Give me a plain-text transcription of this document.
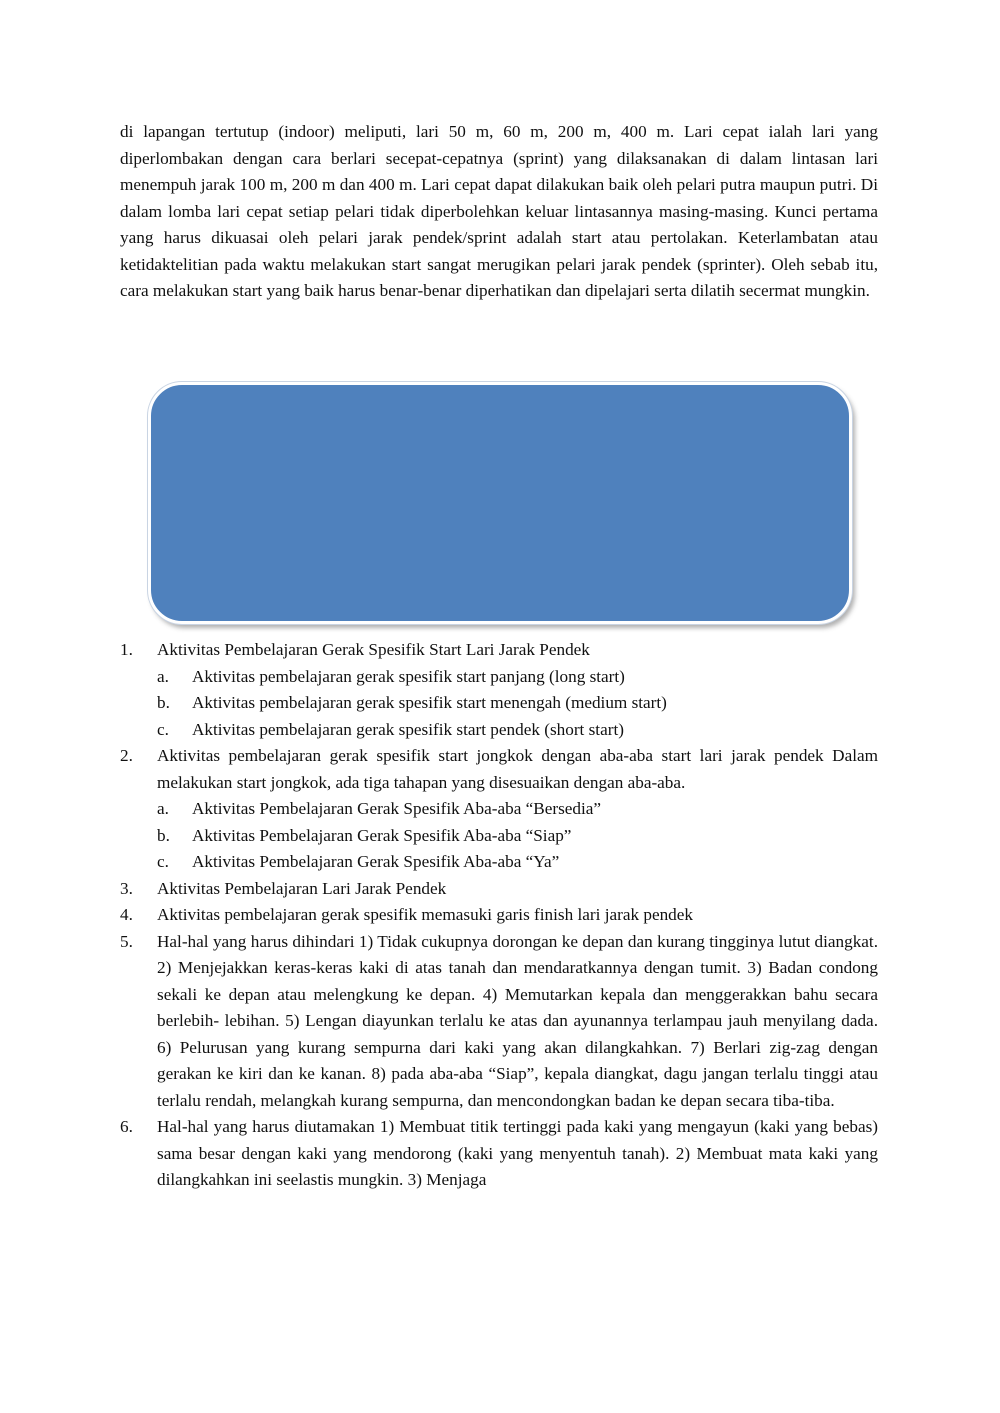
di lapangan tertutup (indoor) meliputi, lari 50 m, 60 m, 200 m, 400 m. Lari cepat ialah lari yang diperlombakan dengan cara berlari secepat-cepatnya (sprint) yang dilaksanakan di dalam lintasan lari menempuh jarak 100 m, 200 m dan 400 m. Lari cepat dapat dilakukan baik oleh pelari putra maupun putri. Di dalam lomba lari cepat setiap pelari tidak diperbolehkan keluar lintasannya masing-masing. Kunci pertama yang harus dikuasai oleh pelari jarak pendek/sprint adalah start atau pertolakan. Keterlambatan atau ketidaktelitian pada waktu melakukan start sangat merugikan pelari jarak pendek (sprinter). Oleh sebab itu, cara melakukan start yang baik harus benar-benar diperhatikan dan dipelajari serta dilatih secermat mungkin.

1. Aktivitas Pembelajaran Gerak Spesifik Start Lari Jarak Pendek
a. Aktivitas pembelajaran gerak spesifik start panjang (long start)
b. Aktivitas pembelajaran gerak spesifik start menengah (medium start)
c. Aktivitas pembelajaran gerak spesifik start pendek (short start)
2. Aktivitas pembelajaran gerak spesifik start jongkok dengan aba-aba start lari jarak pendek Dalam melakukan start jongkok, ada tiga tahapan yang disesuaikan dengan aba-aba.
a. Aktivitas Pembelajaran Gerak Spesifik Aba-aba “Bersedia”
b. Aktivitas Pembelajaran Gerak Spesifik Aba-aba “Siap”
c. Aktivitas Pembelajaran Gerak Spesifik Aba-aba “Ya”
3. Aktivitas Pembelajaran Lari Jarak Pendek
4. Aktivitas pembelajaran gerak spesifik memasuki garis finish lari jarak pendek
5. Hal-hal yang harus dihindari 1) Tidak cukupnya dorongan ke depan dan kurang tingginya lutut diangkat. 2) Menjejakkan keras-keras kaki di atas tanah dan mendaratkannya dengan tumit. 3) Badan condong sekali ke depan atau melengkung ke depan. 4) Memutarkan kepala dan menggerakkan bahu secara berlebih- lebihan. 5) Lengan diayunkan terlalu ke atas dan ayunannya terlampau jauh menyilang dada. 6) Pelurusan yang kurang sempurna dari kaki yang akan dilangkahkan. 7) Berlari zig-zag dengan gerakan ke kiri dan ke kanan. 8) pada aba-aba “Siap”, kepala diangkat, dagu jangan terlalu tinggi atau terlalu rendah, melangkah kurang sempurna, dan mencondongkan badan ke depan secara tiba-tiba.
6. Hal-hal yang harus diutamakan 1) Membuat titik tertinggi pada kaki yang mengayun (kaki yang bebas) sama besar dengan kaki yang mendorong (kaki yang menyentuh tanah). 2) Membuat mata kaki yang dilangkahkan ini seelastis mungkin. 3) Menjaga
